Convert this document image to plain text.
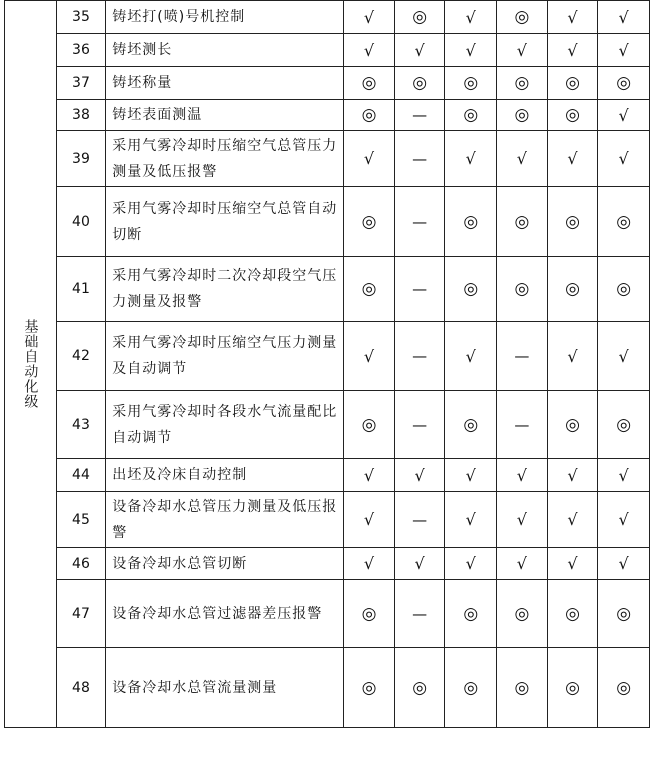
基础自动化级	35	铸坯打(喷)号机控制	√	◎	√	◎	√	√
	36	铸坯测长	√	√	√	√	√	√
	37	铸坯称量	◎	◎	◎	◎	◎	◎
	38	铸坯表面测温	◎	—	◎	◎	◎	√
	39	采用气雾冷却时压缩空气总管压力测量及低压报警	√	—	√	√	√	√
	40	采用气雾冷却时压缩空气总管自动切断	◎	—	◎	◎	◎	◎
	41	采用气雾冷却时二次冷却段空气压力测量及报警	◎	—	◎	◎	◎	◎
	42	采用气雾冷却时压缩空气压力测量及自动调节	√	—	√	—	√	√
	43	采用气雾冷却时各段水气流量配比自动调节	◎	—	◎	—	◎	◎
	44	出坯及冷床自动控制	√	√	√	√	√	√
	45	设备冷却水总管压力测量及低压报警	√	—	√	√	√	√
	46	设备冷却水总管切断	√	√	√	√	√	√
	47	设备冷却水总管过滤器差压报警	◎	—	◎	◎	◎	◎
	48	设备冷却水总管流量测量	◎	◎	◎	◎	◎	◎
